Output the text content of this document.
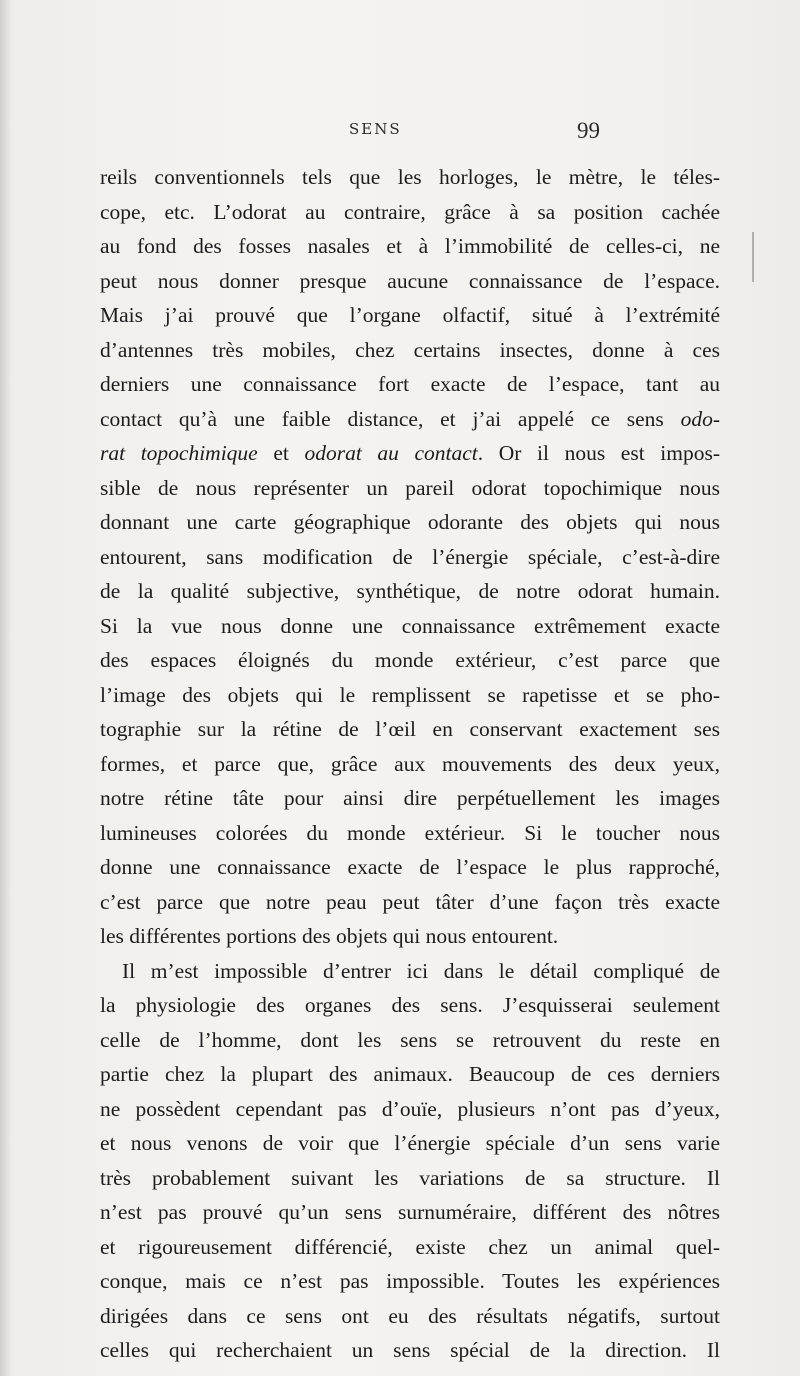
SENS	99
reils conventionnels tels que les horloges, le mètre, le téles-
cope, etc. L’odorat au contraire, grâce à sa position cachée
au fond des fosses nasales et à l’immobilité de celles-ci, ne
peut nous donner presque aucune connaissance de l’espace.
Mais j’ai prouvé que l’organe olfactif, situé à l’extrémité
d’antennes très mobiles, chez certains insectes, donne à ces
derniers une connaissance fort exacte de l’espace, tant au
contact qu’à une faible distance, et j’ai appelé ce sens odo-
rat topochimique et odorat au contact. Or il nous est impos-
sible de nous représenter un pareil odorat topochimique nous
donnant une carte géographique odorante des objets qui nous
entourent, sans modification de l’énergie spéciale, c’est-à-dire
de la qualité subjective, synthétique, de notre odorat humain.
Si la vue nous donne une connaissance extrêmement exacte
des espaces éloignés du monde extérieur, c’est parce que
l’image des objets qui le remplissent se rapetisse et se pho-
tographie sur la rétine de l’œil en conservant exactement ses
formes, et parce que, grâce aux mouvements des deux yeux,
notre rétine tâte pour ainsi dire perpétuellement les images
lumineuses colorées du monde extérieur. Si le toucher nous
donne une connaissance exacte de l’espace le plus rapproché,
c’est parce que notre peau peut tâter d’une façon très exacte
les différentes portions des objets qui nous entourent.
Il m’est impossible d’entrer ici dans le détail compliqué de
la physiologie des organes des sens. J’esquisserai seulement
celle de l’homme, dont les sens se retrouvent du reste en
partie chez la plupart des animaux. Beaucoup de ces derniers
ne possèdent cependant pas d’ouïe, plusieurs n’ont pas d’yeux,
et nous venons de voir que l’énergie spéciale d’un sens varie
très probablement suivant les variations de sa structure. Il
n’est pas prouvé qu’un sens surnuméraire, différent des nôtres
et rigoureusement différencié, existe chez un animal quel-
conque, mais ce n’est pas impossible. Toutes les expériences
dirigées dans ce sens ont eu des résultats négatifs, surtout
celles qui recherchaient un sens spécial de la direction. Il
